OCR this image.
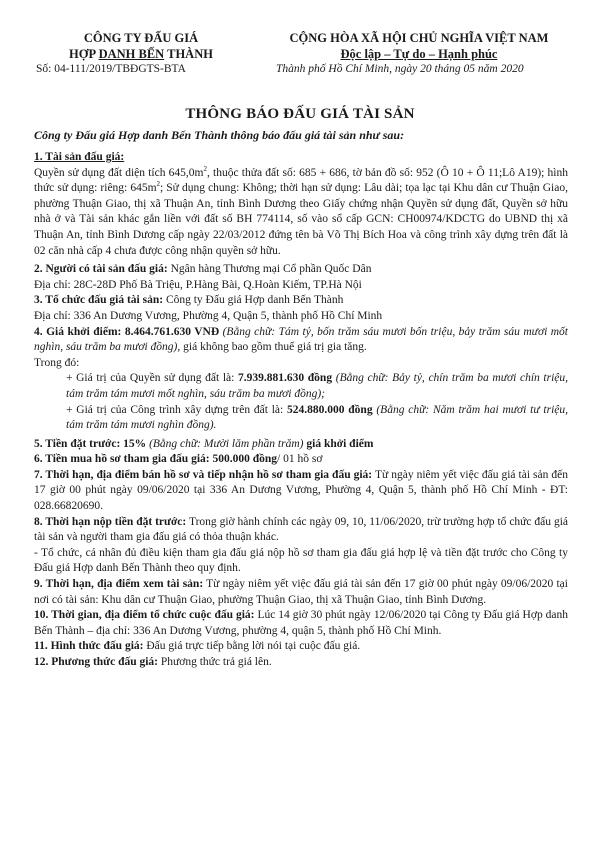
CÔNG TY ĐẤU GIÁ
HỢP DANH BẾN THÀNH
CỘNG HÒA XÃ HỘI CHỦ NGHĨA VIỆT NAM
Độc lập – Tự do – Hạnh phúc
Số: 04-111/2019/TBĐGTS-BTA	Thành phố Hồ Chí Minh, ngày 20 tháng 05 năm 2020
THÔNG BÁO ĐẤU GIÁ TÀI SẢN
Công ty Đấu giá Hợp danh Bến Thành thông báo đấu giá tài sản như sau:

1. Tài sản đấu giá:

Quyền sử dụng đất diện tích $645,0m^2$, thuộc thửa đất số: 685 + 686, tờ bản đồ số: 952 (Ô 10 + Ô 11;Lô A19); hình thức sử dụng: riêng: $645m^2$; Sử dụng chung: Không; thời hạn sử dụng: Lâu dài; tọa lạc tại Khu dân cư Thuận Giao, phường Thuận Giao, thị xã Thuận An, tỉnh Bình Dương theo Giấy chứng nhận Quyền sử dụng đất, Quyền sở hữu nhà ở và Tài sản khác gắn liền với đất số BH 774114, số vào sổ cấp GCN: CH00974/KDCTG do UBND thị xã Thuận An, tỉnh Bình Dương cấp ngày 22/03/2012 đứng tên bà Võ Thị Bích Hoa và công trình xây dựng trên đất là 02 căn nhà cấp 4 chưa được công nhận quyền sở hữu.

2. Người có tài sản đấu giá: Ngân hàng Thương mại Cổ phần Quốc Dân

Địa chỉ: 28C-28D Phố Bà Triệu, P.Hàng Bài, Q.Hoàn Kiếm, TP.Hà Nội

3. Tổ chức đấu giá tài sản: Công ty Đấu giá Hợp danh Bến Thành

Địa chỉ: 336 An Dương Vương, Phường 4, Quận 5, thành phố Hồ Chí Minh

4. Giá khởi điểm: 8.464.761.630 VNĐ (Bằng chữ: Tám tỷ, bốn trăm sáu mươi bốn triệu, bảy trăm sáu mươi mốt nghìn, sáu trăm ba mươi đồng), giá không bao gồm thuế giá trị gia tăng.

Trong đó:

+ Giá trị của Quyền sử dụng đất là: 7.939.881.630 đồng (Bằng chữ: Bảy tỷ, chín trăm ba mươi chín triệu, tám trăm tám mươi mốt nghìn, sáu trăm ba mươi đồng);

+ Giá trị của Công trình xây dựng trên đất là: 524.880.000 đồng (Bằng chữ: Năm trăm hai mươi tư triệu, tám trăm tám mươi nghìn đồng).

5. Tiền đặt trước: 15% (Bằng chữ: Mười lăm phần trăm) giá khởi điểm

6. Tiền mua hồ sơ tham gia đấu giá: 500.000 đồng/ 01 hồ sơ

7. Thời hạn, địa điểm bán hồ sơ và tiếp nhận hồ sơ tham gia đấu giá: Từ ngày niêm yết việc đấu giá tài sản đến 17 giờ 00 phút ngày 09/06/2020 tại 336 An Dương Vương, Phường 4, Quận 5, thành phố Hồ Chí Minh - ĐT: 028.66820690.

8. Thời hạn nộp tiền đặt trước: Trong giờ hành chính các ngày 09, 10, 11/06/2020, trừ trường hợp tổ chức đấu giá tài sản và người tham gia đấu giá có thỏa thuận khác.

- Tổ chức, cá nhân đủ điều kiện tham gia đấu giá nộp hồ sơ tham gia đấu giá hợp lệ và tiền đặt trước cho Công ty Đấu giá Hợp danh Bến Thành theo quy định.

9. Thời hạn, địa điểm xem tài sản: Từ ngày niêm yết việc đấu giá tài sản đến 17 giờ 00 phút ngày 09/06/2020 tại nơi có tài sản: Khu dân cư Thuận Giao, phường Thuận Giao, thị xã Thuận Giao, tỉnh Bình Dương.

10. Thời gian, địa điểm tổ chức cuộc đấu giá: Lúc 14 giờ 30 phút ngày 12/06/2020 tại Công ty Đấu giá Hợp danh Bến Thành – địa chỉ: 336 An Dương Vương, phường 4, quận 5, thành phố Hồ Chí Minh.

11. Hình thức đấu giá: Đấu giá trực tiếp bằng lời nói tại cuộc đấu giá.

12. Phương thức đấu giá: Phương thức trả giá lên.
